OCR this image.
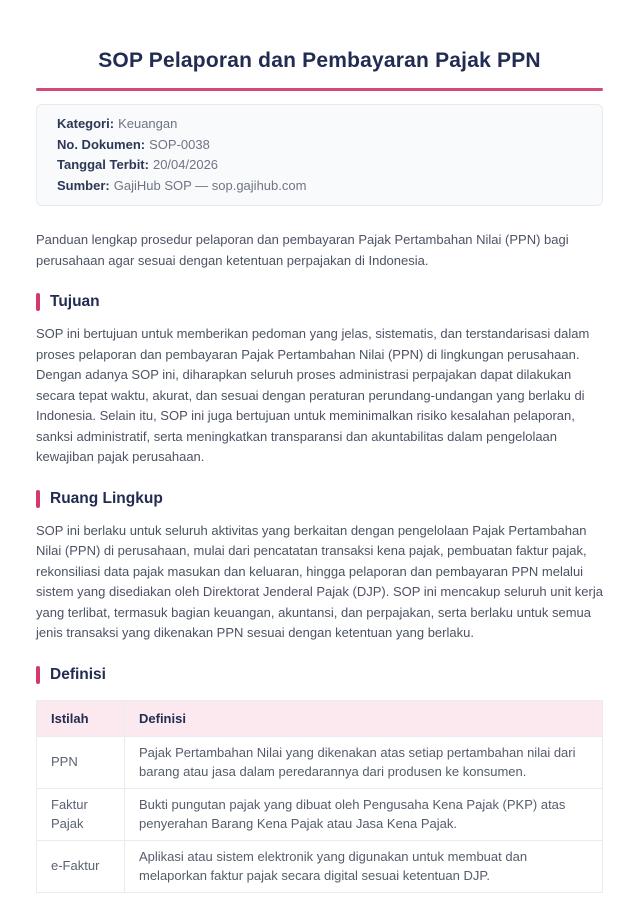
SOP Pelaporan dan Pembayaran Pajak PPN
Kategori: Keuangan
No. Dokumen: SOP-0038
Tanggal Terbit: 20/04/2026
Sumber: GajiHub SOP — sop.gajihub.com

Panduan lengkap prosedur pelaporan dan pembayaran Pajak Pertambahan Nilai (PPN) bagi perusahaan agar sesuai dengan ketentuan perpajakan di Indonesia.

Tujuan

SOP ini bertujuan untuk memberikan pedoman yang jelas, sistematis, dan terstandarisasi dalam proses pelaporan dan pembayaran Pajak Pertambahan Nilai (PPN) di lingkungan perusahaan. Dengan adanya SOP ini, diharapkan seluruh proses administrasi perpajakan dapat dilakukan secara tepat waktu, akurat, dan sesuai dengan peraturan perundang-undangan yang berlaku di Indonesia. Selain itu, SOP ini juga bertujuan untuk meminimalkan risiko kesalahan pelaporan, sanksi administratif, serta meningkatkan transparansi dan akuntabilitas dalam pengelolaan kewajiban pajak perusahaan.

Ruang Lingkup

SOP ini berlaku untuk seluruh aktivitas yang berkaitan dengan pengelolaan Pajak Pertambahan Nilai (PPN) di perusahaan, mulai dari pencatatan transaksi kena pajak, pembuatan faktur pajak, rekonsiliasi data pajak masukan dan keluaran, hingga pelaporan dan pembayaran PPN melalui sistem yang disediakan oleh Direktorat Jenderal Pajak (DJP). SOP ini mencakup seluruh unit kerja yang terlibat, termasuk bagian keuangan, akuntansi, dan perpajakan, serta berlaku untuk semua jenis transaksi yang dikenakan PPN sesuai dengan ketentuan yang berlaku.

Definisi
Istilah	Definisi
PPN	Pajak Pertambahan Nilai yang dikenakan atas setiap pertambahan nilai dari barang atau jasa dalam peredarannya dari produsen ke konsumen.
Faktur Pajak	Bukti pungutan pajak yang dibuat oleh Pengusaha Kena Pajak (PKP) atas penyerahan Barang Kena Pajak atau Jasa Kena Pajak.
e-Faktur	Aplikasi atau sistem elektronik yang digunakan untuk membuat dan melaporkan faktur pajak secara digital sesuai ketentuan DJP.
